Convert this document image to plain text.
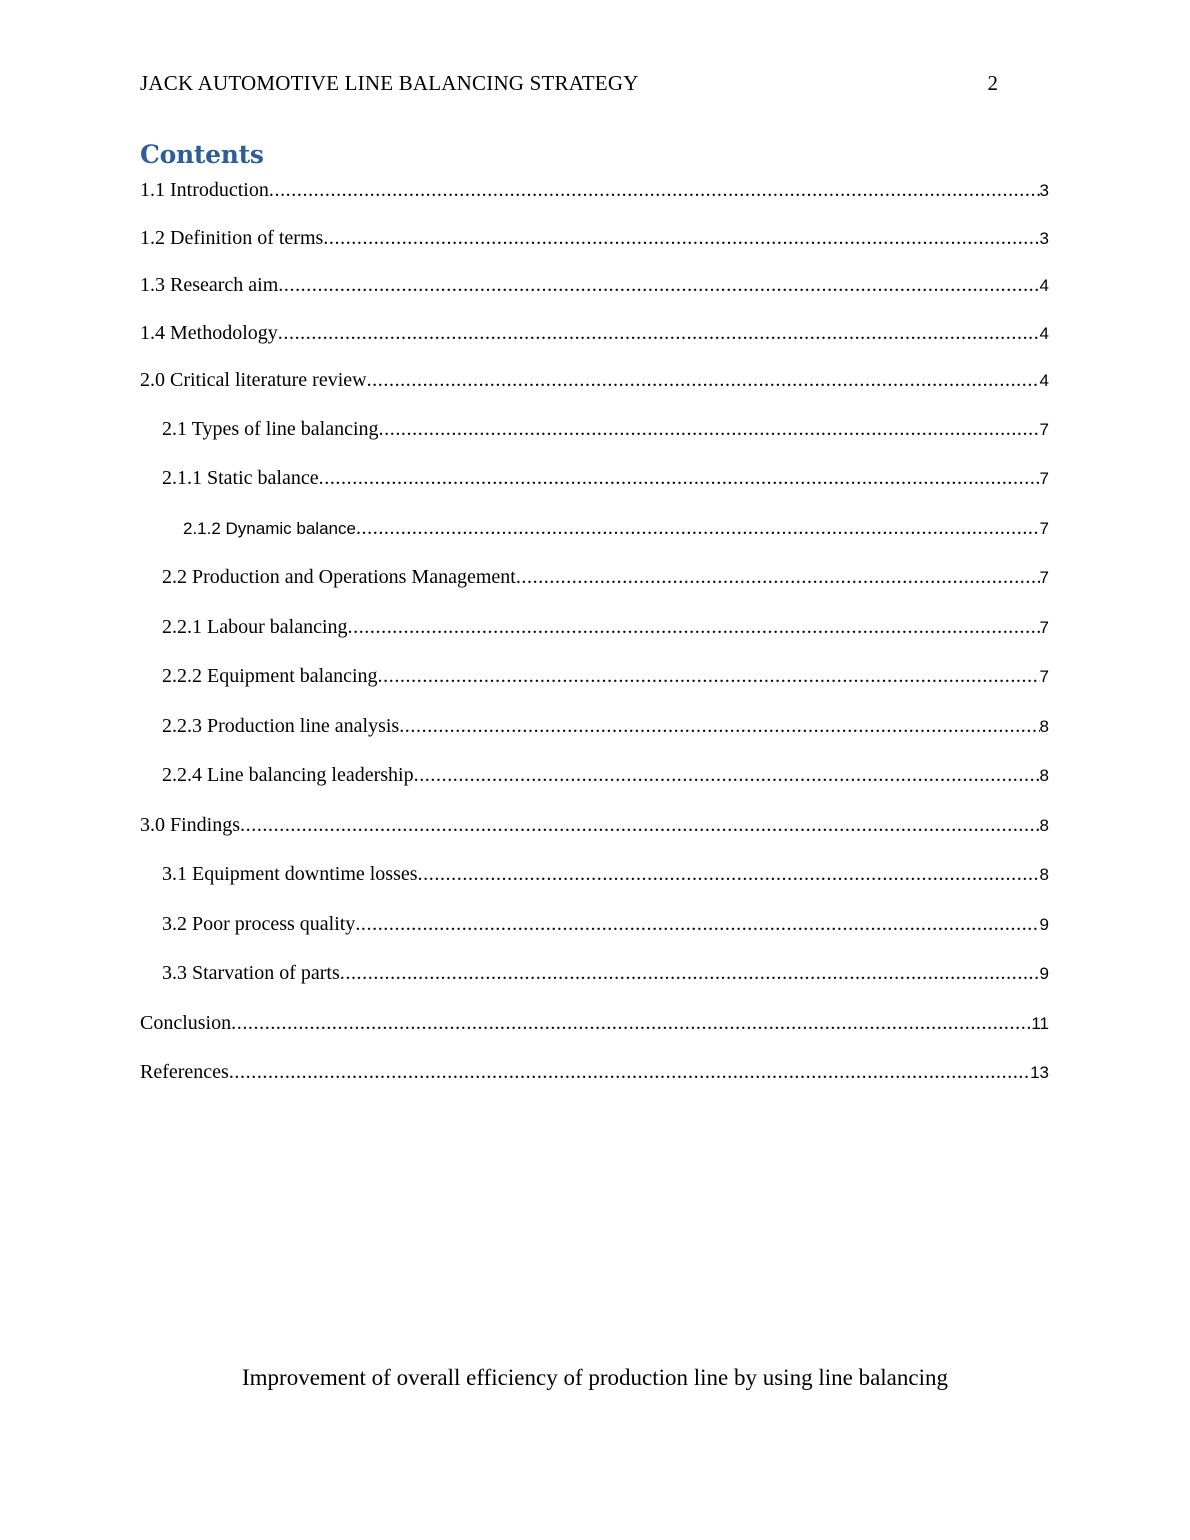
JACK AUTOMOTIVE LINE BALANCING STRATEGY	2
Contents
1.1 Introduction .....	3
1.2 Definition of terms .....	3
1.3 Research aim .....	4
1.4 Methodology .....	4
2.0 Critical literature review .....	4
2.1 Types of line balancing .....	7
2.1.1 Static balance .....	7
2.1.2 Dynamic balance .....	7
2.2 Production and Operations Management .....	7
2.2.1 Labour balancing .....	7
2.2.2 Equipment balancing .....	7
2.2.3 Production line analysis .....	8
2.2.4 Line balancing leadership .....	8
3.0 Findings .....	8
3.1 Equipment downtime losses .....	8
3.2 Poor process quality .....	9
3.3 Starvation of parts .....	9
Conclusion .....	11
References .....	13
Improvement of overall efficiency of production line by using line balancing
